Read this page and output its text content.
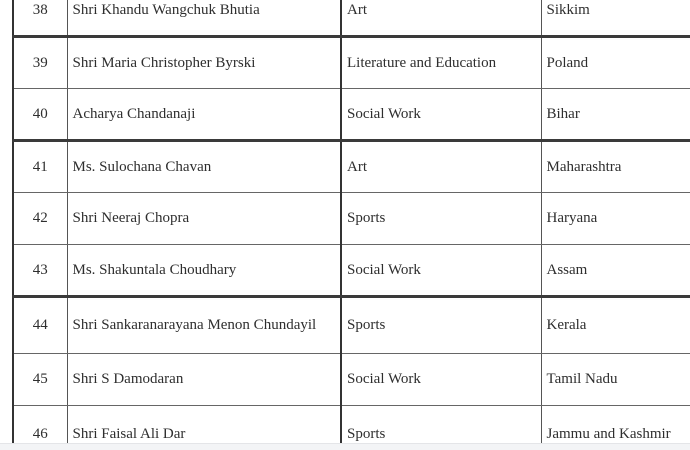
38	Shri Khandu Wangchuk Bhutia	Art	Sikkim
39	Shri Maria Christopher Byrski	Literature and Education	Poland
40	Acharya Chandanaji	Social Work	Bihar
41	Ms. Sulochana Chavan	Art	Maharashtra
42	Shri Neeraj Chopra	Sports	Haryana
43	Ms. Shakuntala Choudhary	Social Work	Assam
44	Shri Sankaranarayana Menon Chundayil	Sports	Kerala
45	Shri S Damodaran	Social Work	Tamil Nadu
46	Shri Faisal Ali Dar	Sports	Jammu and Kashmir
